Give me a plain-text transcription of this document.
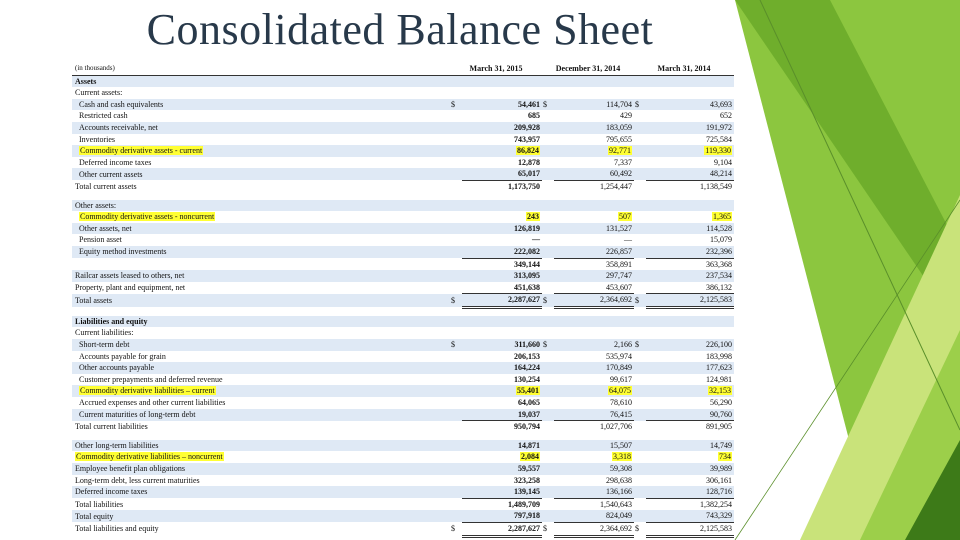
Consolidated Balance Sheet
(in thousands)	March 31, 2015		December 31, 2014		March 31, 2014	
Assets						
Current assets:						
Cash and cash equivalents	$	54,461	$	114,704	$	43,693
Restricted cash		685		429		652
Accounts receivable, net		209,928		183,059		191,972
Inventories		743,957		795,655		725,584
Commodity derivative assets - current		86,824		92,771		119,330
Deferred income taxes		12,878		7,337		9,104
Other current assets		65,017		60,492		48,214
Total current assets		1,173,750		1,254,447		1,138,549

Other assets:						
Commodity derivative assets - noncurrent		243		507		1,365
Other assets, net		126,819		131,527		114,528
Pension asset		—		—		15,079
Equity method investments		222,082		226,857		232,396
		349,144		358,891		363,368
Railcar assets leased to others, net		313,095		297,747		237,534
Property, plant and equipment, net		451,638		453,607		386,132
Total assets	$	2,287,627	$	2,364,692	$	2,125,583

Liabilities and equity						
Current liabilities:						
Short-term debt	$	311,660	$	2,166	$	226,100
Accounts payable for grain		206,153		535,974		183,998
Other accounts payable		164,224		170,849		177,623
Customer prepayments and deferred revenue		130,254		99,617		124,981
Commodity derivative liabilities – current		55,401		64,075		32,153
Accrued expenses and other current liabilities		64,065		78,610		56,290
Current maturities of long-term debt		19,037		76,415		90,760
Total current liabilities		950,794		1,027,706		891,905

Other long-term liabilities		14,871		15,507		14,749
Commodity derivative liabilities – noncurrent		2,084		3,318		734
Employee benefit plan obligations		59,557		59,308		39,989
Long-term debt, less current maturities		323,258		298,638		306,161
Deferred income taxes		139,145		136,166		128,716
Total liabilities		1,489,709		1,540,643		1,382,254
Total equity		797,918		824,049		743,329
Total liabilities and equity	$	2,287,627	$	2,364,692	$	2,125,583
